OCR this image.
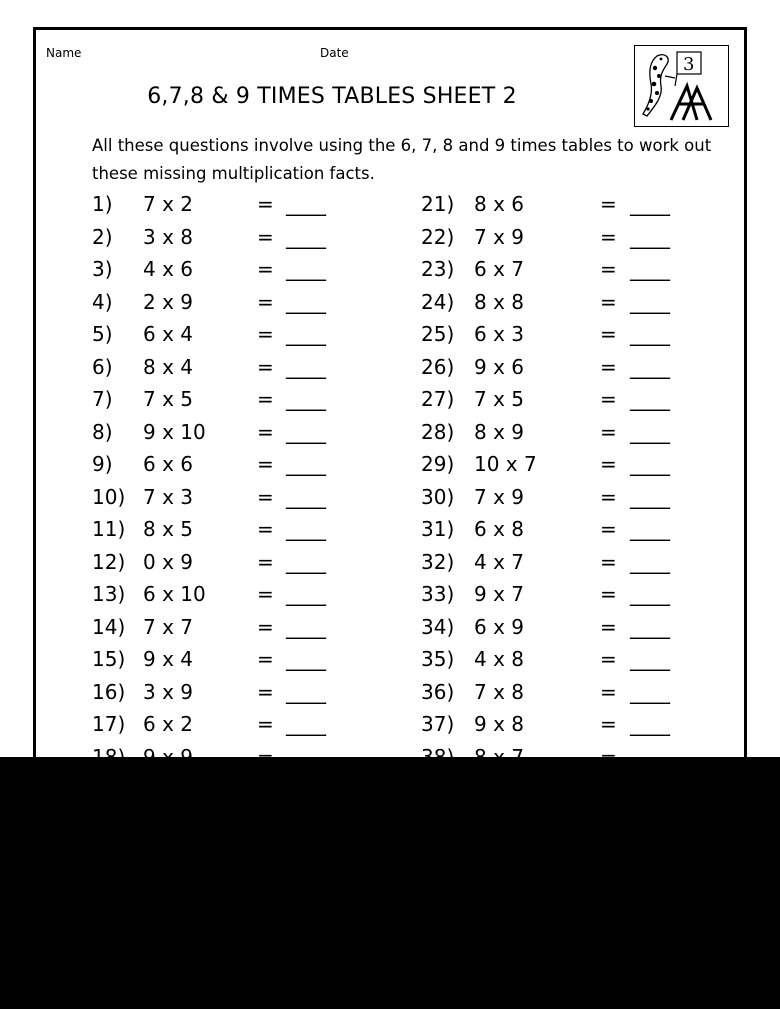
Name	Date
6,7,8 & 9 TIMES TABLES SHEET 2
3
All these questions involve using the 6, 7, 8 and 9 times tables to work out these missing multiplication facts.
1) 7 x 2	= ____
2) 3 x 8	= ____
3) 4 x 6	= ____
4) 2 x 9	= ____
5) 6 x 4	= ____
6) 8 x 4	= ____
7) 7 x 5	= ____
8) 9 x 10	= ____
9) 6 x 6	= ____
10) 7 x 3	= ____
11) 8 x 5	= ____
12) 0 x 9	= ____
13) 6 x 10	= ____
14) 7 x 7	= ____
15) 9 x 4	= ____
16) 3 x 9	= ____
17) 6 x 2	= ____
21) 8 x 6	= ____
22) 7 x 9	= ____
23) 6 x 7	= ____
24) 8 x 8	= ____
25) 6 x 3	= ____
26) 9 x 6	= ____
27) 7 x 5	= ____
28) 8 x 9	= ____
29) 10 x 7	= ____
30) 7 x 9	= ____
31) 6 x 8	= ____
32) 4 x 7	= ____
33) 9 x 7	= ____
34) 6 x 9	= ____
35) 4 x 8	= ____
36) 7 x 8	= ____
37) 9 x 8	= ____
